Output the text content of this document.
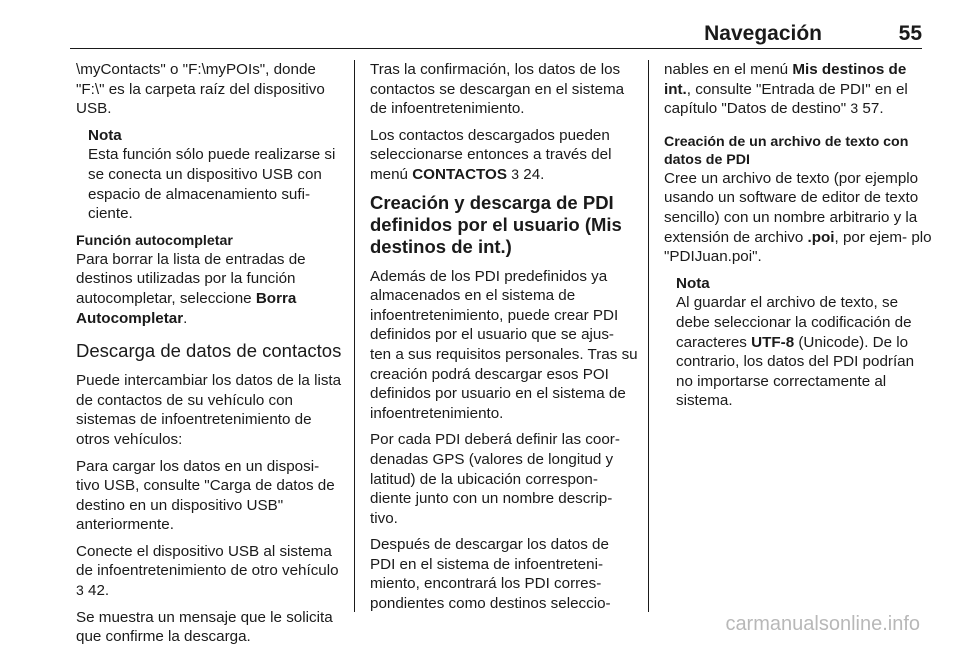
Navegación	55

\myContacts" o "F:\myPOIs", donde "F:\" es la carpeta raíz del dispositivo USB.

Nota
Esta función sólo puede realizarse si se conecta un dispositivo USB con espacio de almacenamiento sufi‐ ciente.
Función autocompletar

Para borrar la lista de entradas de destinos utilizadas por la función autocompletar, seleccione Borra Autocompletar.

Descarga de datos de contactos

Puede intercambiar los datos de la lista de contactos de su vehículo con sistemas de infoentretenimiento de otros vehículos:

Para cargar los datos en un disposi‐ tivo USB, consulte "Carga de datos de destino en un dispositivo USB" anteriormente.

Conecte el dispositivo USB al sistema de infoentretenimiento de otro vehículo 3 42.

Se muestra un mensaje que le solicita que confirme la descarga.

Tras la confirmación, los datos de los contactos se descargan en el sistema de infoentretenimiento.

Los contactos descargados pueden seleccionarse entonces a través del menú CONTACTOS 3 24.

Creación y descarga de PDI definidos por el usuario (Mis destinos de int.)

Además de los PDI predefinidos ya almacenados en el sistema de infoentretenimiento, puede crear PDI definidos por el usuario que se ajus‐ ten a sus requisitos personales. Tras su creación podrá descargar esos POI definidos por usuario en el sistema de infoentretenimiento.

Por cada PDI deberá definir las coor‐ denadas GPS (valores de longitud y latitud) de la ubicación correspon‐ diente junto con un nombre descrip‐ tivo.

Después de descargar los datos de PDI en el sistema de infoentreteni‐ miento, encontrará los PDI corres‐ pondientes como destinos seleccio‐

nables en el menú Mis destinos de int., consulte "Entrada de PDI" en el capítulo "Datos de destino" 3 57.

Creación de un archivo de texto con datos de PDI

Cree un archivo de texto (por ejemplo usando un software de editor de texto sencillo) con un nombre arbitrario y la extensión de archivo .poi, por ejem‐ plo "PDIJuan.poi".

Nota
Al guardar el archivo de texto, se debe seleccionar la codificación de caracteres UTF-8 (Unicode). De lo contrario, los datos del PDI podrían no importarse correctamente al sistema.
carmanualsonline.info
